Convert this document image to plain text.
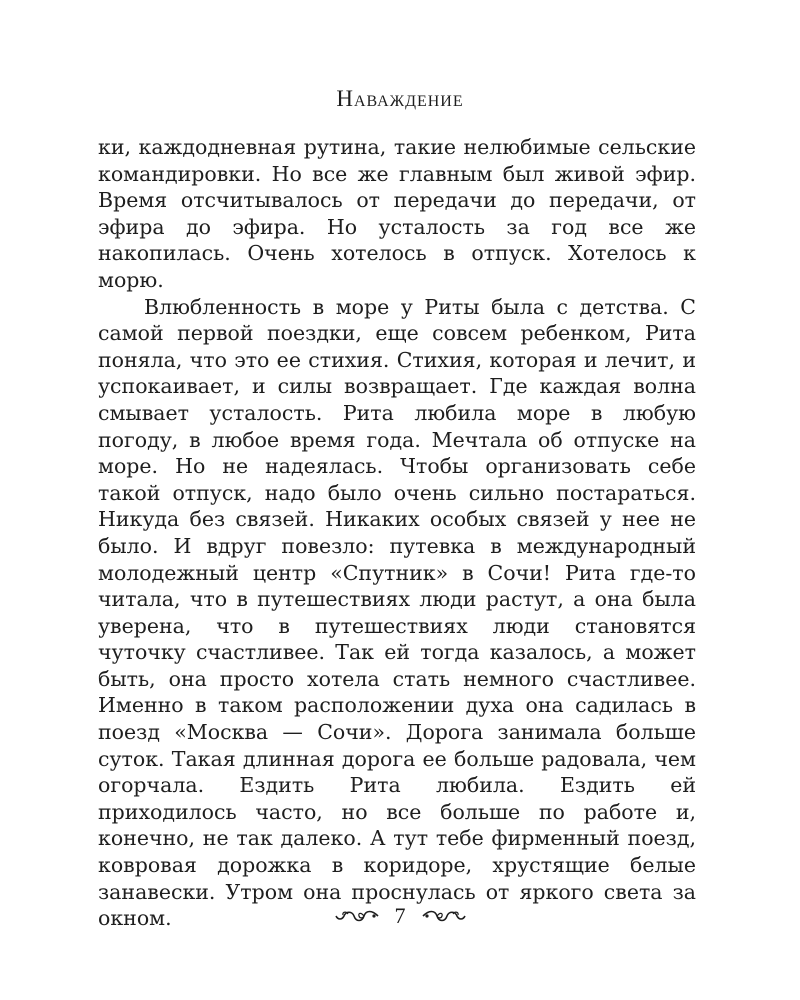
Наваждение

ки, каждодневная рутина, такие нелюбимые сельские командировки. Но все же главным был живой эфир. Время отсчитывалось от передачи до передачи, от эфира до эфира. Но усталость за год все же накопилась. Очень хотелось в отпуск. Хотелось к морю.

Влюбленность в море у Риты была с детства. С самой первой поездки, еще совсем ребенком, Рита поняла, что это ее стихия. Стихия, которая и лечит, и успокаивает, и силы возвращает. Где каждая волна смывает усталость. Рита любила море в любую погоду, в любое время года. Мечтала об отпуске на море. Но не надеялась. Чтобы организовать себе такой отпуск, надо было очень сильно постараться. Никуда без связей. Никаких особых связей у нее не было. И вдруг повезло: путевка в международный молодежный центр «Спутник» в Сочи! Рита где-то читала, что в путешествиях люди растут, а она была уверена, что в путешествиях люди становятся чуточку счастливее. Так ей тогда казалось, а может быть, она просто хотела стать немного счастливее. Именно в таком расположении духа она садилась в поезд «Москва — Сочи». Дорога занимала больше суток. Такая длинная дорога ее больше радовала, чем огорчала. Ездить Рита любила. Ездить ей приходилось часто, но все больше по работе и, конечно, не так далеко. А тут тебе фирменный поезд, ковровая дорожка в коридоре, хрустящие белые занавески. Утром она проснулась от яркого света за окном.	7
